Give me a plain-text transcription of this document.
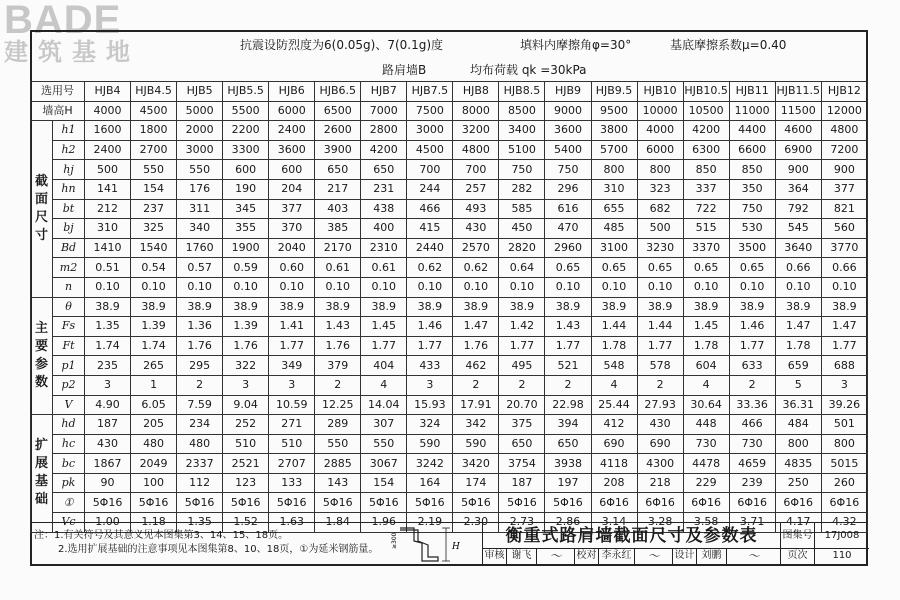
BADE
建筑基地	抗震设防烈度为6(0.05g)、7(0.1g)度	填料内摩擦角φ=30°	基底摩擦系数μ=0.40
路肩墙B	均布荷载 qk =30kPa
选用号		HJB4	HJB4.5	HJB5	HJB5.5	HJB6	HJB6.5	HJB7	HJB7.5	HJB8	HJB8.5	HJB9	HJB9.5	HJB10	HJB10.5	HJB11	HJB11.5	HJB12
墙高H		4000	4500	5000	5500	6000	6500	7000	7500	8000	8500	9000	9500	10000	10500	11000	11500	12000

截
面
尺
寸	h1	1600	1800	2000	2200	2400	2600	2800	3000	3200	3400	3600	3800	4000	4200	4400	4600	4800
	h2	2400	2700	3000	3300	3600	3900	4200	4500	4800	5100	5400	5700	6000	6300	6600	6900	7200
	hj	500	550	550	600	600	650	650	700	700	750	750	800	800	850	850	900	900
	hn	141	154	176	190	204	217	231	244	257	282	296	310	323	337	350	364	377
	bt	212	237	311	345	377	403	438	466	493	585	616	655	682	722	750	792	821
	bj	310	325	340	355	370	385	400	415	430	450	470	485	500	515	530	545	560
	Bd	1410	1540	1760	1900	2040	2170	2310	2440	2570	2820	2960	3100	3230	3370	3500	3640	3770
	m2	0.51	0.54	0.57	0.59	0.60	0.61	0.61	0.62	0.62	0.64	0.65	0.65	0.65	0.65	0.65	0.66	0.66
	n	0.10	0.10	0.10	0.10	0.10	0.10	0.10	0.10	0.10	0.10	0.10	0.10	0.10	0.10	0.10	0.10	0.10

主
要
参
数	θ	38.9	38.9	38.9	38.9	38.9	38.9	38.9	38.9	38.9	38.9	38.9	38.9	38.9	38.9	38.9	38.9	38.9
	Fs	1.35	1.39	1.36	1.39	1.41	1.43	1.45	1.46	1.47	1.42	1.43	1.44	1.44	1.45	1.46	1.47	1.47
	Ft	1.74	1.74	1.76	1.76	1.77	1.76	1.77	1.77	1.76	1.77	1.77	1.78	1.77	1.78	1.77	1.78	1.77
	p1	235	265	295	322	349	379	404	433	462	495	521	548	578	604	633	659	688
	p2	3	1	2	3	3	2	4	3	2	2	2	4	2	4	2	5	3
	V	4.90	6.05	7.59	9.04	10.59	12.25	14.04	15.93	17.91	20.70	22.98	25.44	27.93	30.64	33.36	36.31	39.26

扩
展
基
础	hd	187	205	234	252	271	289	307	324	342	375	394	412	430	448	466	484	501
	hc	430	480	480	510	510	550	550	590	590	650	650	690	690	730	730	800	800
	bc	1867	2049	2337	2521	2707	2885	3067	3242	3420	3754	3938	4118	4300	4478	4659	4835	5015
	pk	90	100	112	123	133	143	154	164	174	187	197	208	218	229	239	250	260
	①	5Φ16	5Φ16	5Φ16	5Φ16	5Φ16	5Φ16	5Φ16	5Φ16	5Φ16	5Φ16	5Φ16	6Φ16	6Φ16	6Φ16	6Φ16	6Φ16	6Φ16
	Vc	1.00	1.18	1.35	1.52	1.63	1.84	1.96	2.19	2.30	2.73	2.86	3.14	3.28	3.58	3.71	4.17	4.32
注：1.有关符号及其意义见本图集第3、14、15、18页。
2.选用扩展基础的注意事项见本图集第8、10、18页，①为延米钢筋量。	H
≥300	衡重式路肩墙截面尺寸及参数表	图集号	17J008
审核 谢飞	～	校对 李永红	～	设计 刘鹏	～	页次	110
